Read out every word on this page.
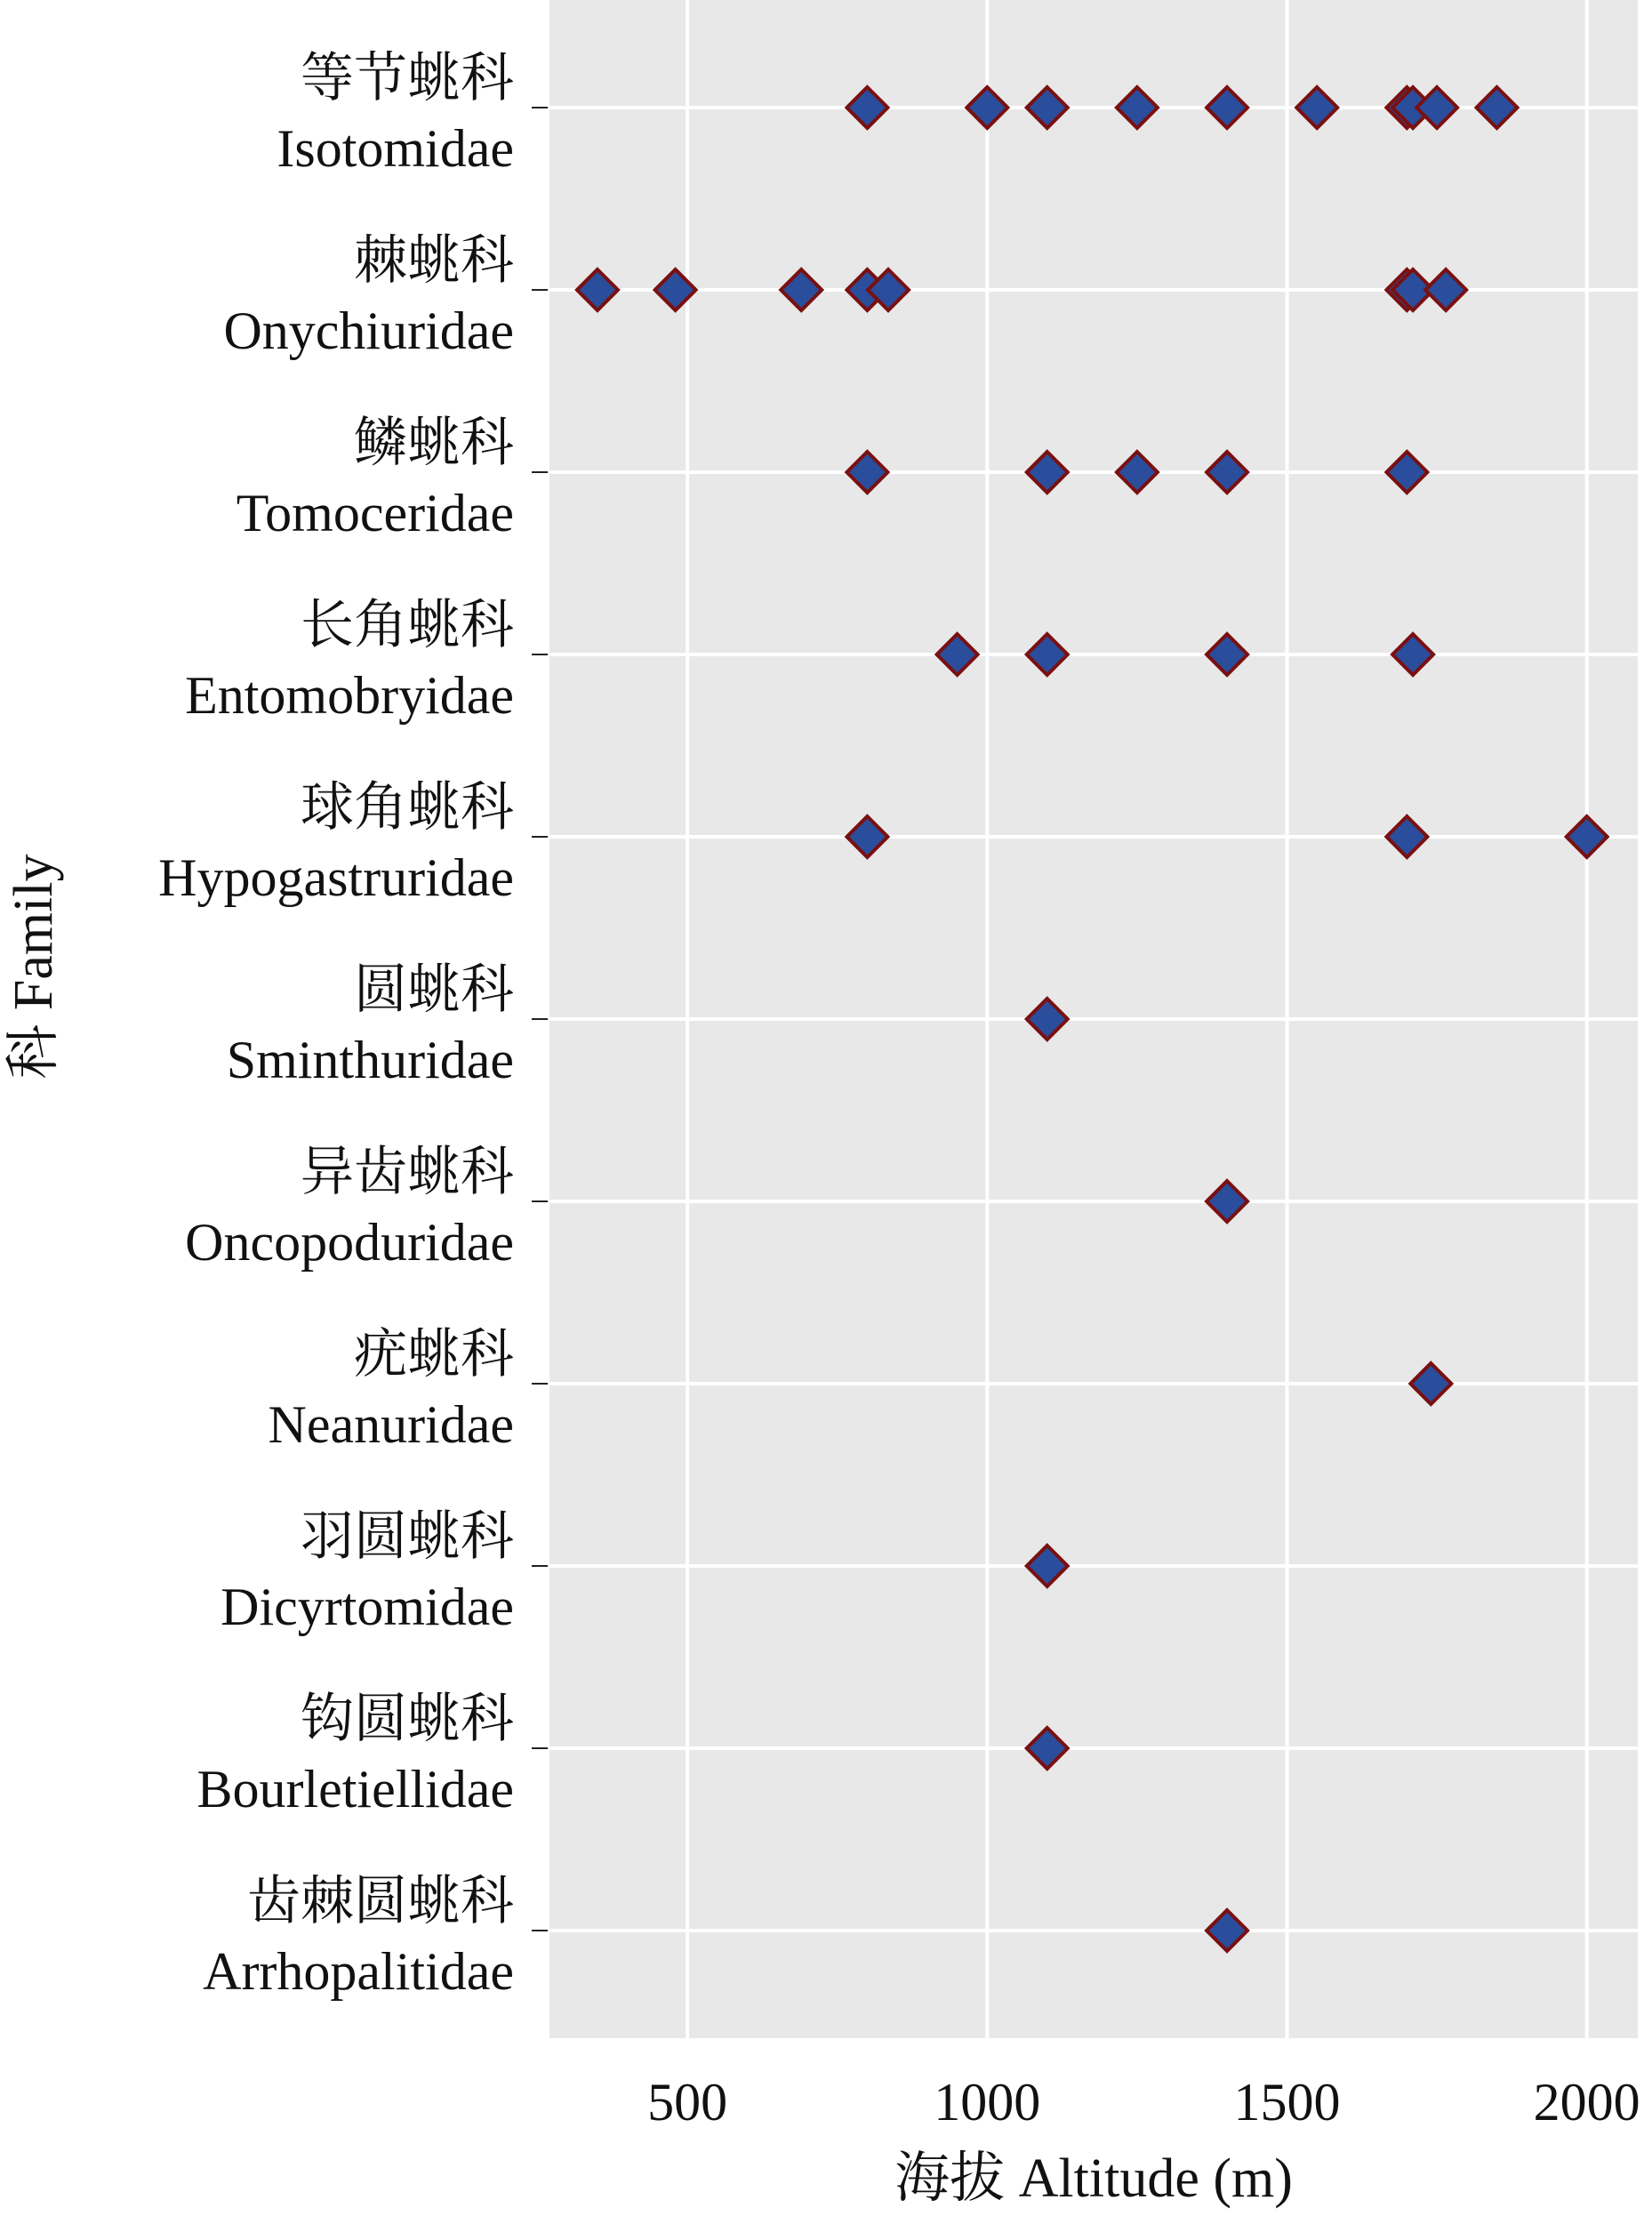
等节䖴科
Isotomidae
棘䖴科
Onychiuridae
鳞䖴科
Tomoceridae
长角䖴科
Entomobryidae
球角䖴科
Hypogastruridae
圆䖴科
Sminthuridae
异齿䖴科
Oncopoduridae
疣䖴科
Neanuridae
羽圆䖴科
Dicyrtomidae
钩圆䖴科
Bourletiellidae
齿棘圆䖴科
Arrhopalitidae
500	1000	1500	2000
海拔 Altitude (m)
科 Family
